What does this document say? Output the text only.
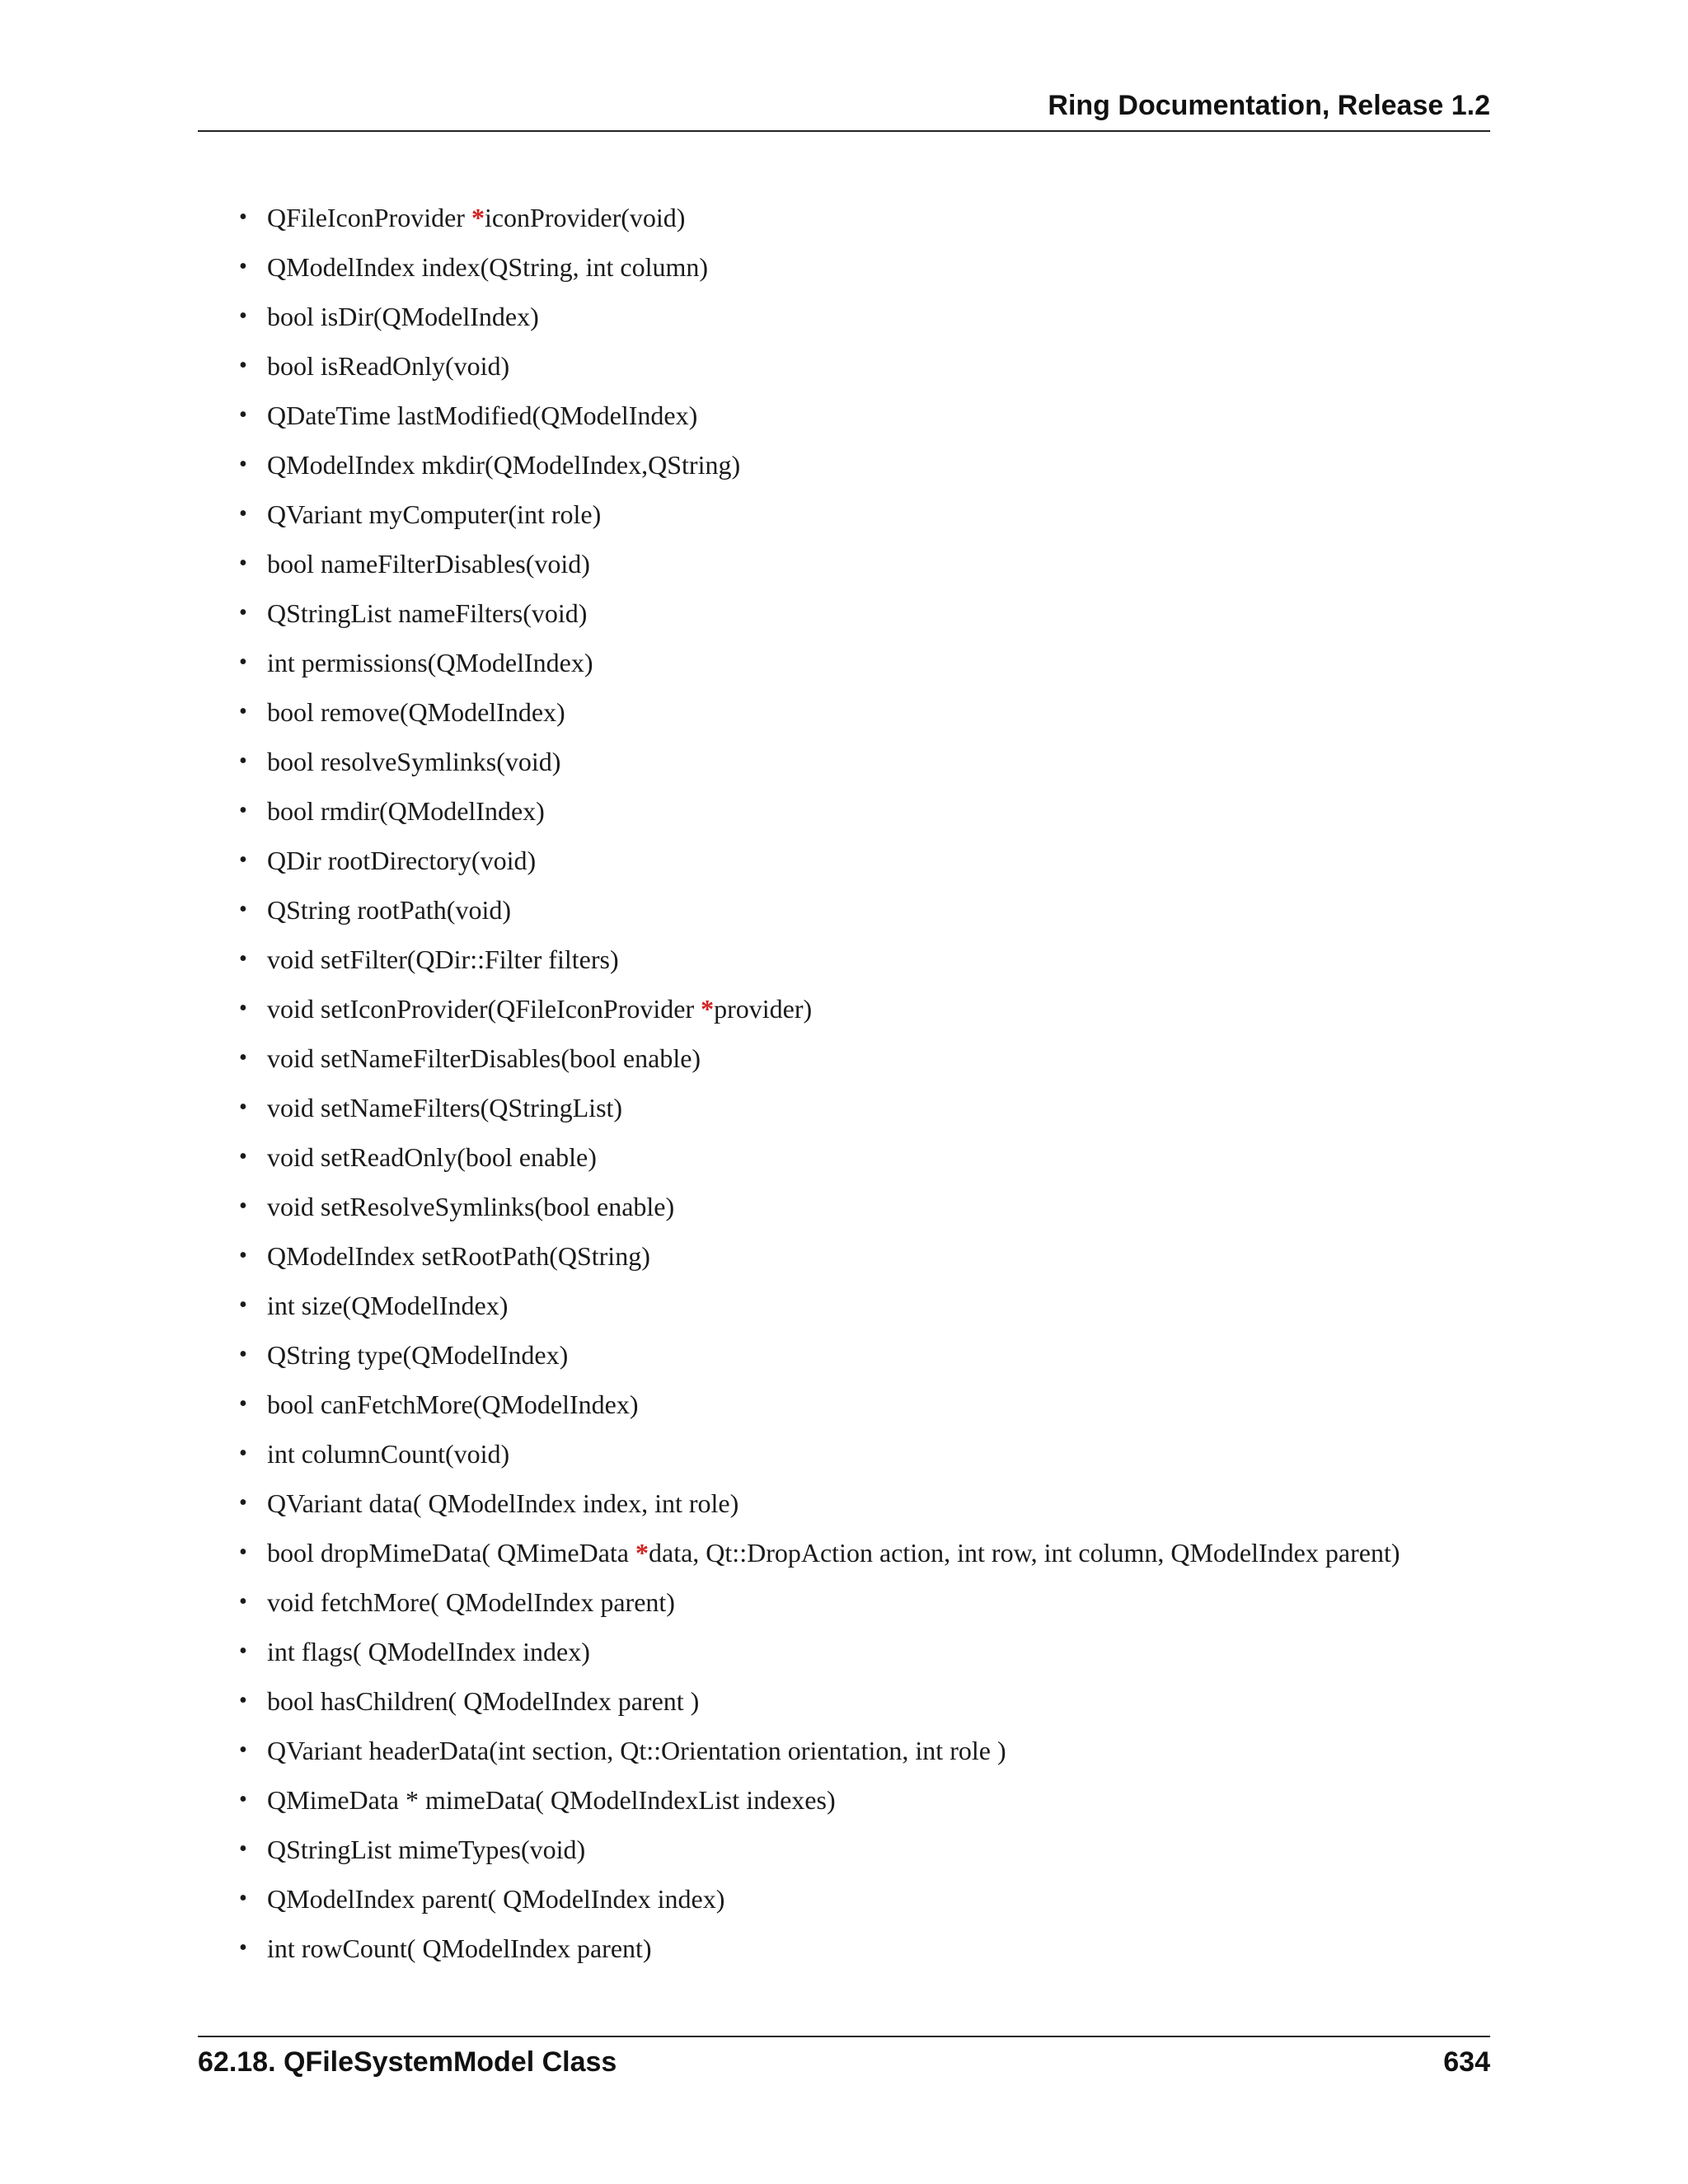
Ring Documentation, Release 1.2
• QFileIconProvider *iconProvider(void)
• QModelIndex index(QString, int column)
• bool isDir(QModelIndex)
• bool isReadOnly(void)
• QDateTime lastModified(QModelIndex)
• QModelIndex mkdir(QModelIndex,QString)
• QVariant myComputer(int role)
• bool nameFilterDisables(void)
• QStringList nameFilters(void)
• int permissions(QModelIndex)
• bool remove(QModelIndex)
• bool resolveSymlinks(void)
• bool rmdir(QModelIndex)
• QDir rootDirectory(void)
• QString rootPath(void)
• void setFilter(QDir::Filter filters)
• void setIconProvider(QFileIconProvider *provider)
• void setNameFilterDisables(bool enable)
• void setNameFilters(QStringList)
• void setReadOnly(bool enable)
• void setResolveSymlinks(bool enable)
• QModelIndex setRootPath(QString)
• int size(QModelIndex)
• QString type(QModelIndex)
• bool canFetchMore(QModelIndex)
• int columnCount(void)
• QVariant data( QModelIndex index, int role)
• bool dropMimeData( QMimeData *data, Qt::DropAction action, int row, int column, QModelIndex parent)
• void fetchMore( QModelIndex parent)
• int flags( QModelIndex index)
• bool hasChildren( QModelIndex parent )
• QVariant headerData(int section, Qt::Orientation orientation, int role )
• QMimeData * mimeData( QModelIndexList indexes)
• QStringList mimeTypes(void)
• QModelIndex parent( QModelIndex index)
• int rowCount( QModelIndex parent)
62.18. QFileSystemModel Class	634
